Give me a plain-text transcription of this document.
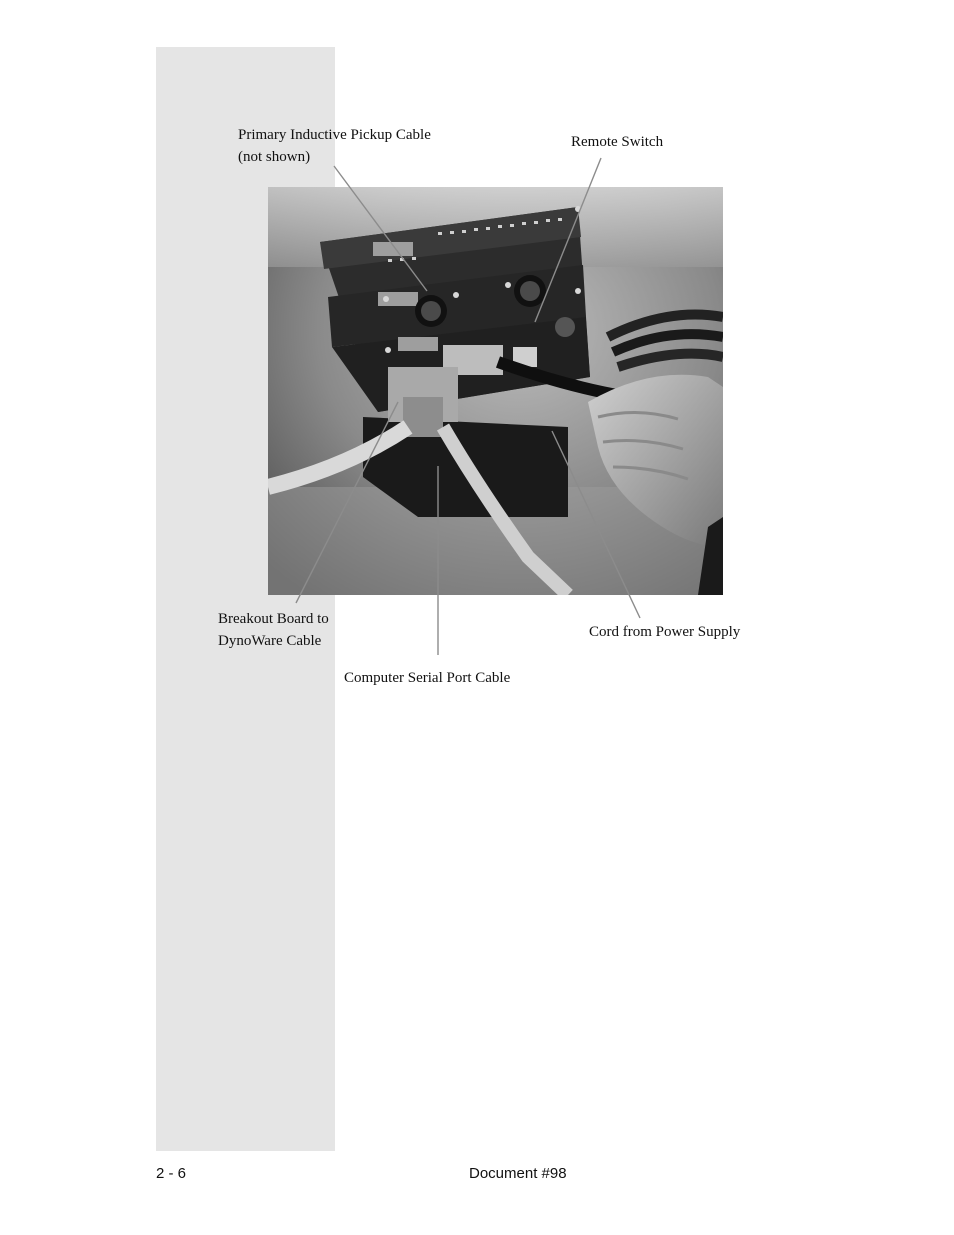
Primary Inductive Pickup Cable
(not shown)
Remote Switch
Breakout Board to
DynoWare Cable
Cord from Power Supply
Computer Serial Port Cable
2 - 6	Document #98
